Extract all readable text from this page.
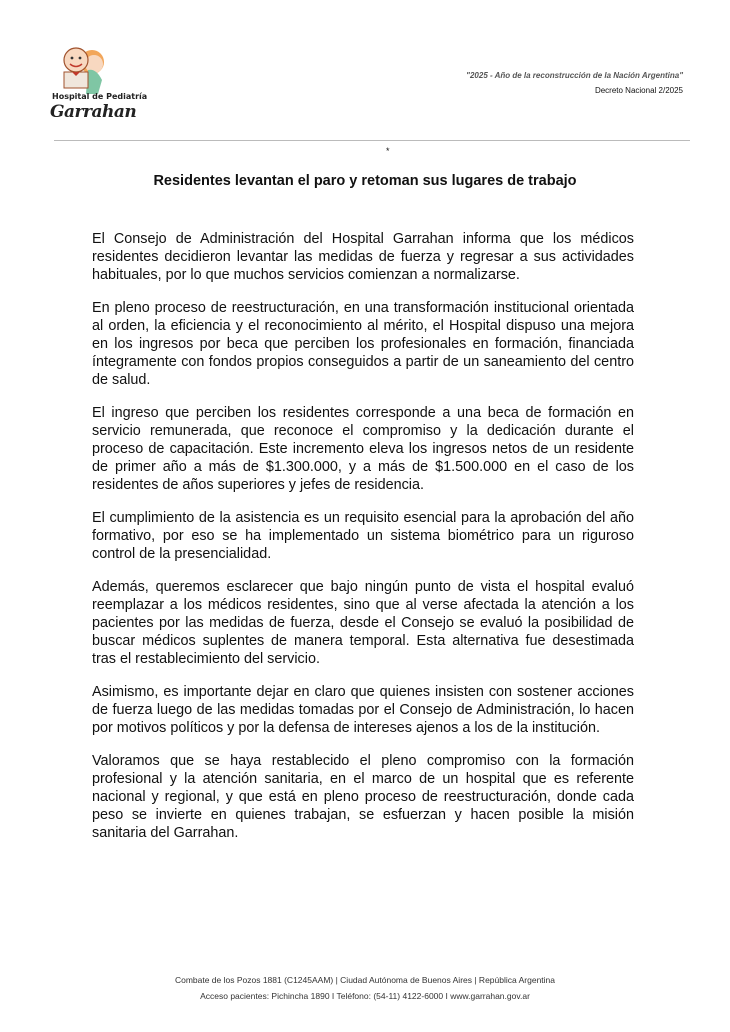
Hospital de Pediatría
Garrahan
"2025 - Año de la reconstrucción de la Nación Argentina"
Decreto Nacional 2/2025
*
Residentes levantan el paro y retoman sus lugares de trabajo

El Consejo de Administración del Hospital Garrahan informa que los médicos residentes decidieron levantar las medidas de fuerza y regresar a sus actividades habituales, por lo que muchos servicios comienzan a normalizarse.

En pleno proceso de reestructuración, en una transformación institucional orientada al orden, la eficiencia y el reconocimiento al mérito, el Hospital dispuso una mejora en los ingresos por beca que perciben los profesionales en formación, financiada íntegramente con fondos propios conseguidos a partir de un saneamiento del centro de salud.

El ingreso que perciben los residentes corresponde a una beca de formación en servicio remunerada, que reconoce el compromiso y la dedicación durante el proceso de capacitación. Este incremento eleva los ingresos netos de un residente de primer año a más de $1.300.000, y a más de $1.500.000 en el caso de los residentes de años superiores y jefes de residencia.

El cumplimiento de la asistencia es un requisito esencial para la aprobación del año formativo, por eso se ha implementado un sistema biométrico para un riguroso control de la presencialidad.

Además, queremos esclarecer que bajo ningún punto de vista el hospital evaluó reemplazar a los médicos residentes, sino que al verse afectada la atención a los pacientes por las medidas de fuerza, desde el Consejo se evaluó la posibilidad de buscar médicos suplentes de manera temporal. Esta alternativa fue desestimada tras el restablecimiento del servicio.

Asimismo, es importante dejar en claro que quienes insisten con sostener acciones de fuerza luego de las medidas tomadas por el Consejo de Administración, lo hacen por motivos políticos y por la defensa de intereses ajenos a los de la institución.

Valoramos que se haya restablecido el pleno compromiso con la formación profesional y la atención sanitaria, en el marco de un hospital que es referente nacional y regional, y que está en pleno proceso de reestructuración, donde cada peso se invierte en quienes trabajan, se esfuerzan y hacen posible la misión sanitaria del Garrahan.

Combate de los Pozos 1881 (C1245AAM) | Ciudad Autónoma de Buenos Aires | República Argentina
Acceso pacientes: Pichincha 1890 I Teléfono: (54-11) 4122-6000 I www.garrahan.gov.ar
